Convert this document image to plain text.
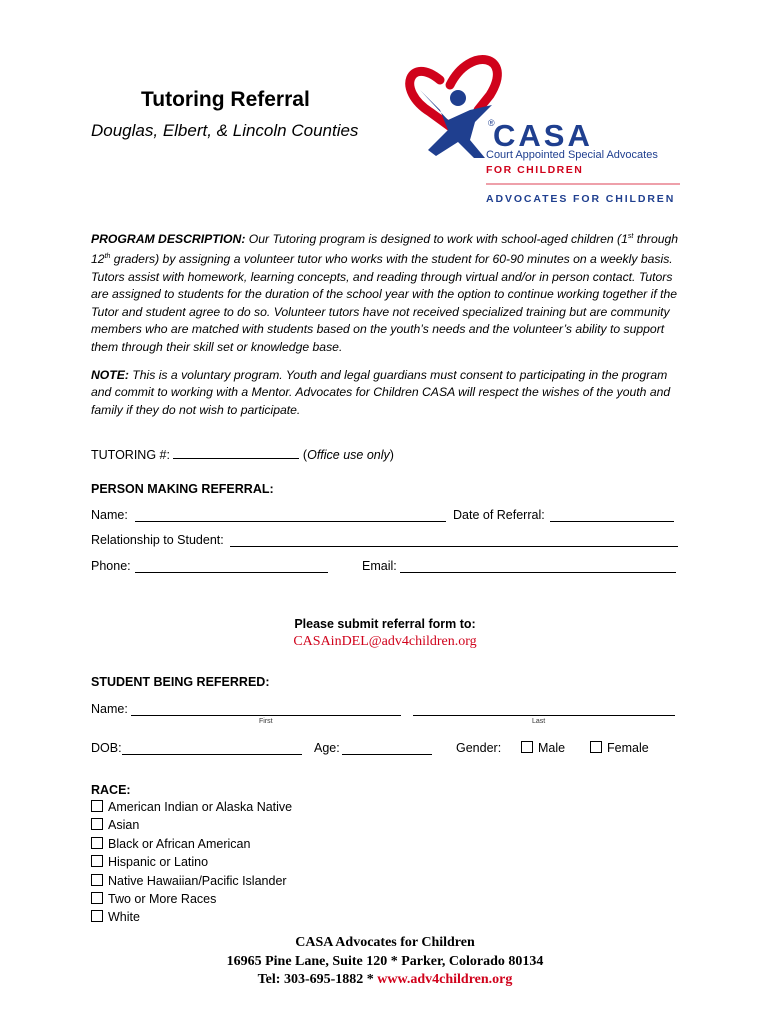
Tutoring Referral
Douglas, Elbert, & Lincoln Counties	®
CASA
Court Appointed Special Advocates
FOR CHILDREN
ADVOCATES FOR CHILDREN
PROGRAM DESCRIPTION: Our Tutoring program is designed to work with school-aged children (1st through 12th graders) by assigning a volunteer tutor who works with the student for 60-90 minutes on a weekly basis. Tutors assist with homework, learning concepts, and reading through virtual and/or in person contact. Tutors are assigned to students for the duration of the school year with the option to continue working together if the Tutor and student agree to do so. Volunteer tutors have not received specialized training but are community members who are matched with students based on the youth’s needs and the volunteer’s ability to support them through their skill set or knowledge base.
NOTE: This is a voluntary program. Youth and legal guardians must consent to participating in the program and commit to working with a Mentor. Advocates for Children CASA will respect the wishes of the youth and family if they do not wish to participate.
TUTORING #:	(Office use only)
PERSON MAKING REFERRAL:
Name:	Date of Referral:
Relationship to Student:
Phone:	Email:
Please submit referral form to:
CASAinDEL@adv4children.org
STUDENT BEING REFERRED:
Name:
First	Last
DOB:	Age:	Gender:	Male	Female
RACE:
American Indian or Alaska Native
Asian
Black or African American
Hispanic or Latino
Native Hawaiian/Pacific Islander
Two or More Races
White
CASA Advocates for Children
16965 Pine Lane, Suite 120 * Parker, Colorado 80134
Tel: 303-695-1882 * www.adv4children.org
